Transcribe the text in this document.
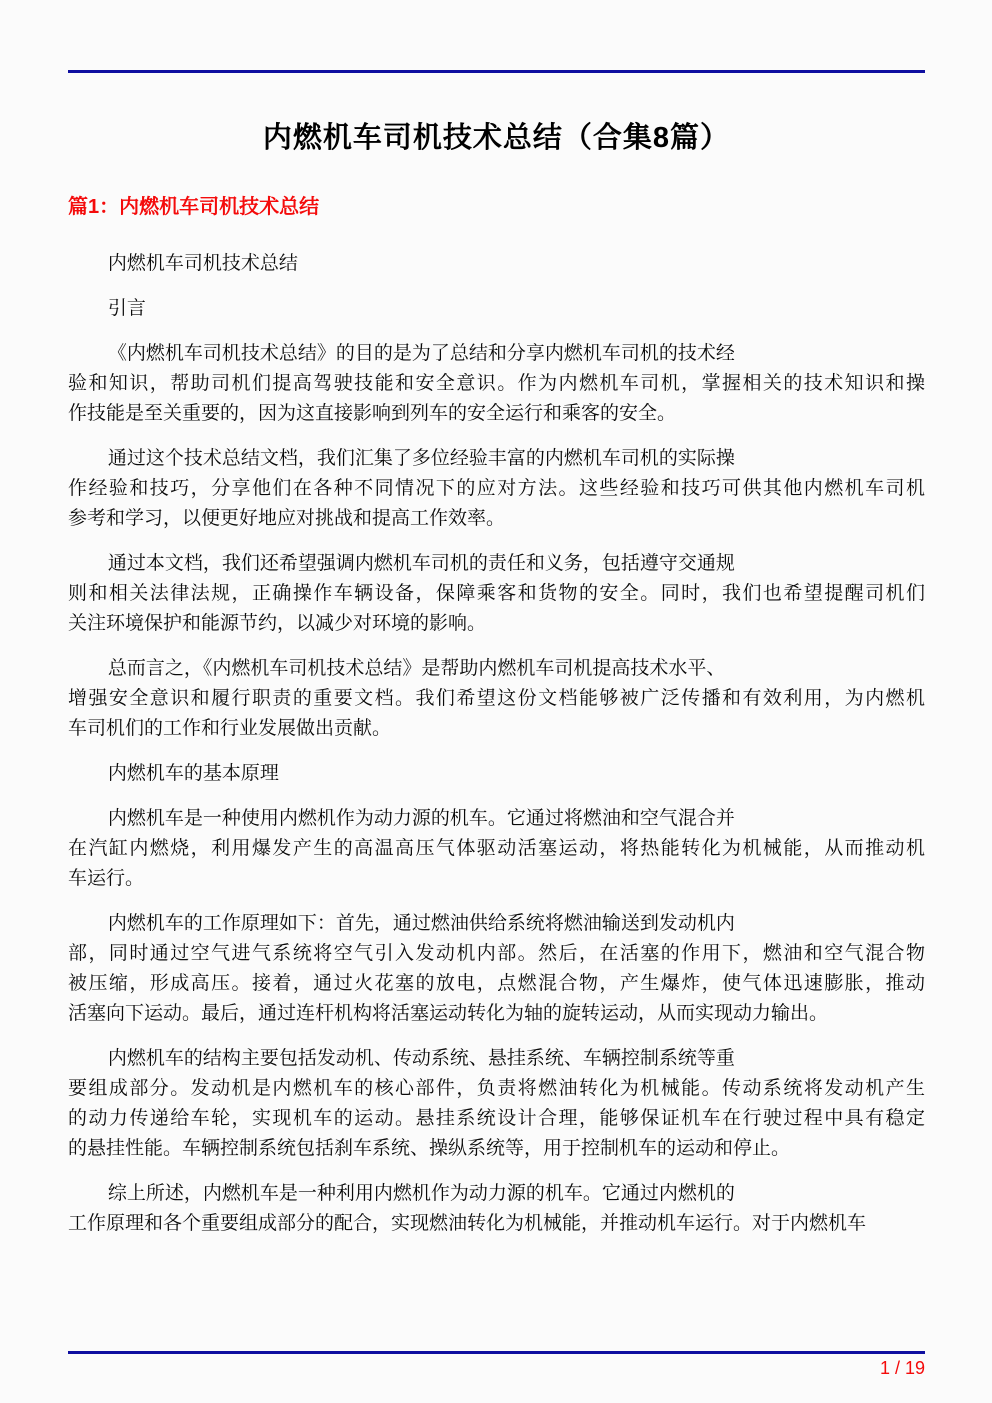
内燃机车司机技术总结（合集8篇）
篇1：内燃机车司机技术总结
内燃机车司机技术总结
引言
《内燃机车司机技术总结》的目的是为了总结和分享内燃机车司机的技术经
验和知识，帮助司机们提高驾驶技能和安全意识。作为内燃机车司机，掌握相关的技术知识和操
作技能是至关重要的，因为这直接影响到列车的安全运行和乘客的安全。
通过这个技术总结文档，我们汇集了多位经验丰富的内燃机车司机的实际操
作经验和技巧，分享他们在各种不同情况下的应对方法。这些经验和技巧可供其他内燃机车司机
参考和学习，以便更好地应对挑战和提高工作效率。
通过本文档，我们还希望强调内燃机车司机的责任和义务，包括遵守交通规
则和相关法律法规，正确操作车辆设备，保障乘客和货物的安全。同时，我们也希望提醒司机们
关注环境保护和能源节约，以减少对环境的影响。
总而言之，《内燃机车司机技术总结》是帮助内燃机车司机提高技术水平、
增强安全意识和履行职责的重要文档。我们希望这份文档能够被广泛传播和有效利用，为内燃机
车司机们的工作和行业发展做出贡献。
内燃机车的基本原理
内燃机车是一种使用内燃机作为动力源的机车。它通过将燃油和空气混合并
在汽缸内燃烧，利用爆发产生的高温高压气体驱动活塞运动，将热能转化为机械能，从而推动机
车运行。
内燃机车的工作原理如下：首先，通过燃油供给系统将燃油输送到发动机内
部，同时通过空气进气系统将空气引入发动机内部。然后，在活塞的作用下，燃油和空气混合物
被压缩，形成高压。接着，通过火花塞的放电，点燃混合物，产生爆炸，使气体迅速膨胀，推动
活塞向下运动。最后，通过连杆机构将活塞运动转化为轴的旋转运动，从而实现动力输出。
内燃机车的结构主要包括发动机、传动系统、悬挂系统、车辆控制系统等重
要组成部分。发动机是内燃机车的核心部件，负责将燃油转化为机械能。传动系统将发动机产生
的动力传递给车轮，实现机车的运动。悬挂系统设计合理，能够保证机车在行驶过程中具有稳定
的悬挂性能。车辆控制系统包括刹车系统、操纵系统等，用于控制机车的运动和停止。
综上所述，内燃机车是一种利用内燃机作为动力源的机车。它通过内燃机的
工作原理和各个重要组成部分的配合，实现燃油转化为机械能，并推动机车运行。对于内燃机车
1 / 19
